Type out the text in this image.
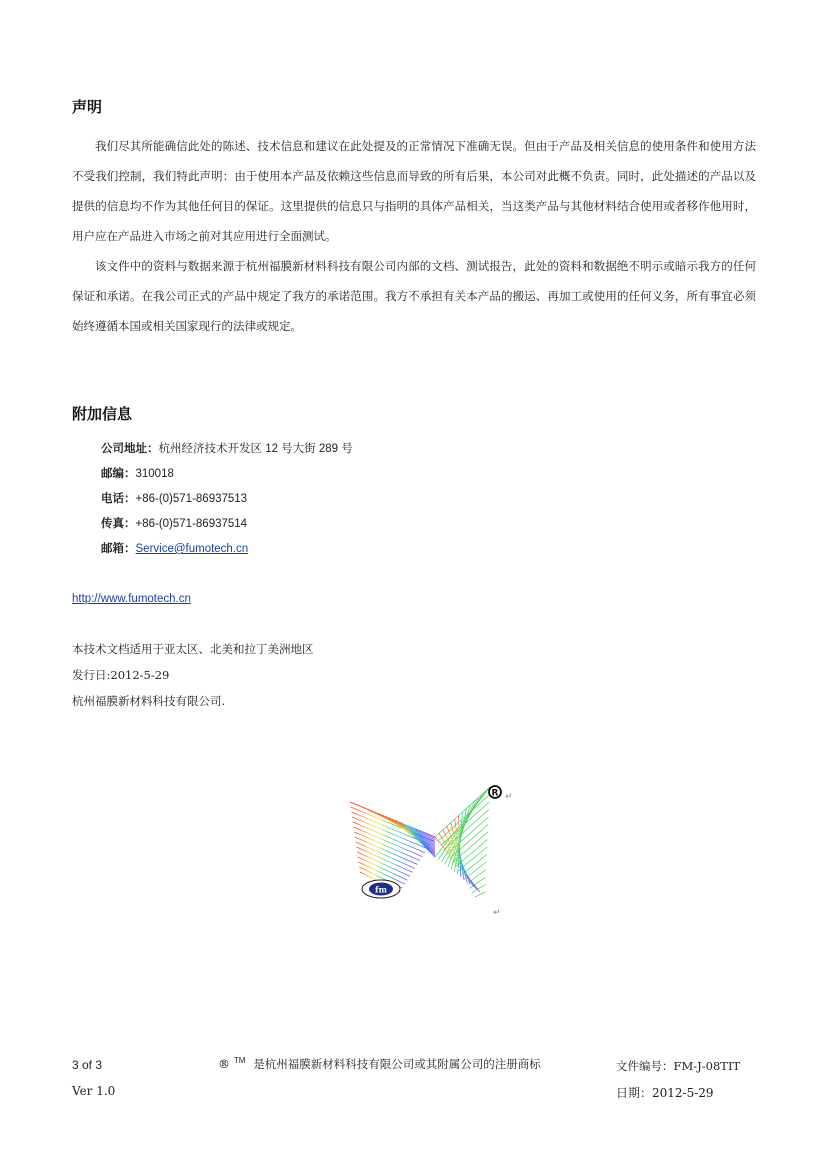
声明

我们尽其所能确信此处的陈述、技术信息和建议在此处提及的正常情况下准确无误。但由于产品及相关信息的使用条件和使用方法不受我们控制，我们特此声明：由于使用本产品及依赖这些信息而导致的所有后果，本公司对此概不负责。同时，此处描述的产品以及提供的信息均不作为其他任何目的保证。这里提供的信息只与指明的具体产品相关，当这类产品与其他材料结合使用或者移作他用时，用户应在产品进入市场之前对其应用进行全面测试。

该文件中的资料与数据来源于杭州福膜新材料科技有限公司内部的文档、测试报告，此处的资料和数据绝不明示或暗示我方的任何保证和承诺。在我公司正式的产品中规定了我方的承诺范围。我方不承担有关本产品的搬运、再加工或使用的任何义务，所有事宜必须始终遵循本国或相关国家现行的法律或规定。

附加信息
公司地址：杭州经济技术开发区 12 号大街 289 号
邮编：310018
电话：+86-(0)571-86937513
传真：+86-(0)571-86937514
邮箱：Service@fumotech.cn
http://www.fumotech.cn
本技术文档适用于亚太区、北美和拉丁美洲地区
发行日:2012-5-29
杭州福膜新材料科技有限公司.
fm
R ↵
↵
3 of 3	® ™ 是杭州福膜新材料科技有限公司或其附属公司的注册商标	文件编号：FM-J-08TIT
Ver 1.0	日期：2012-5-29
